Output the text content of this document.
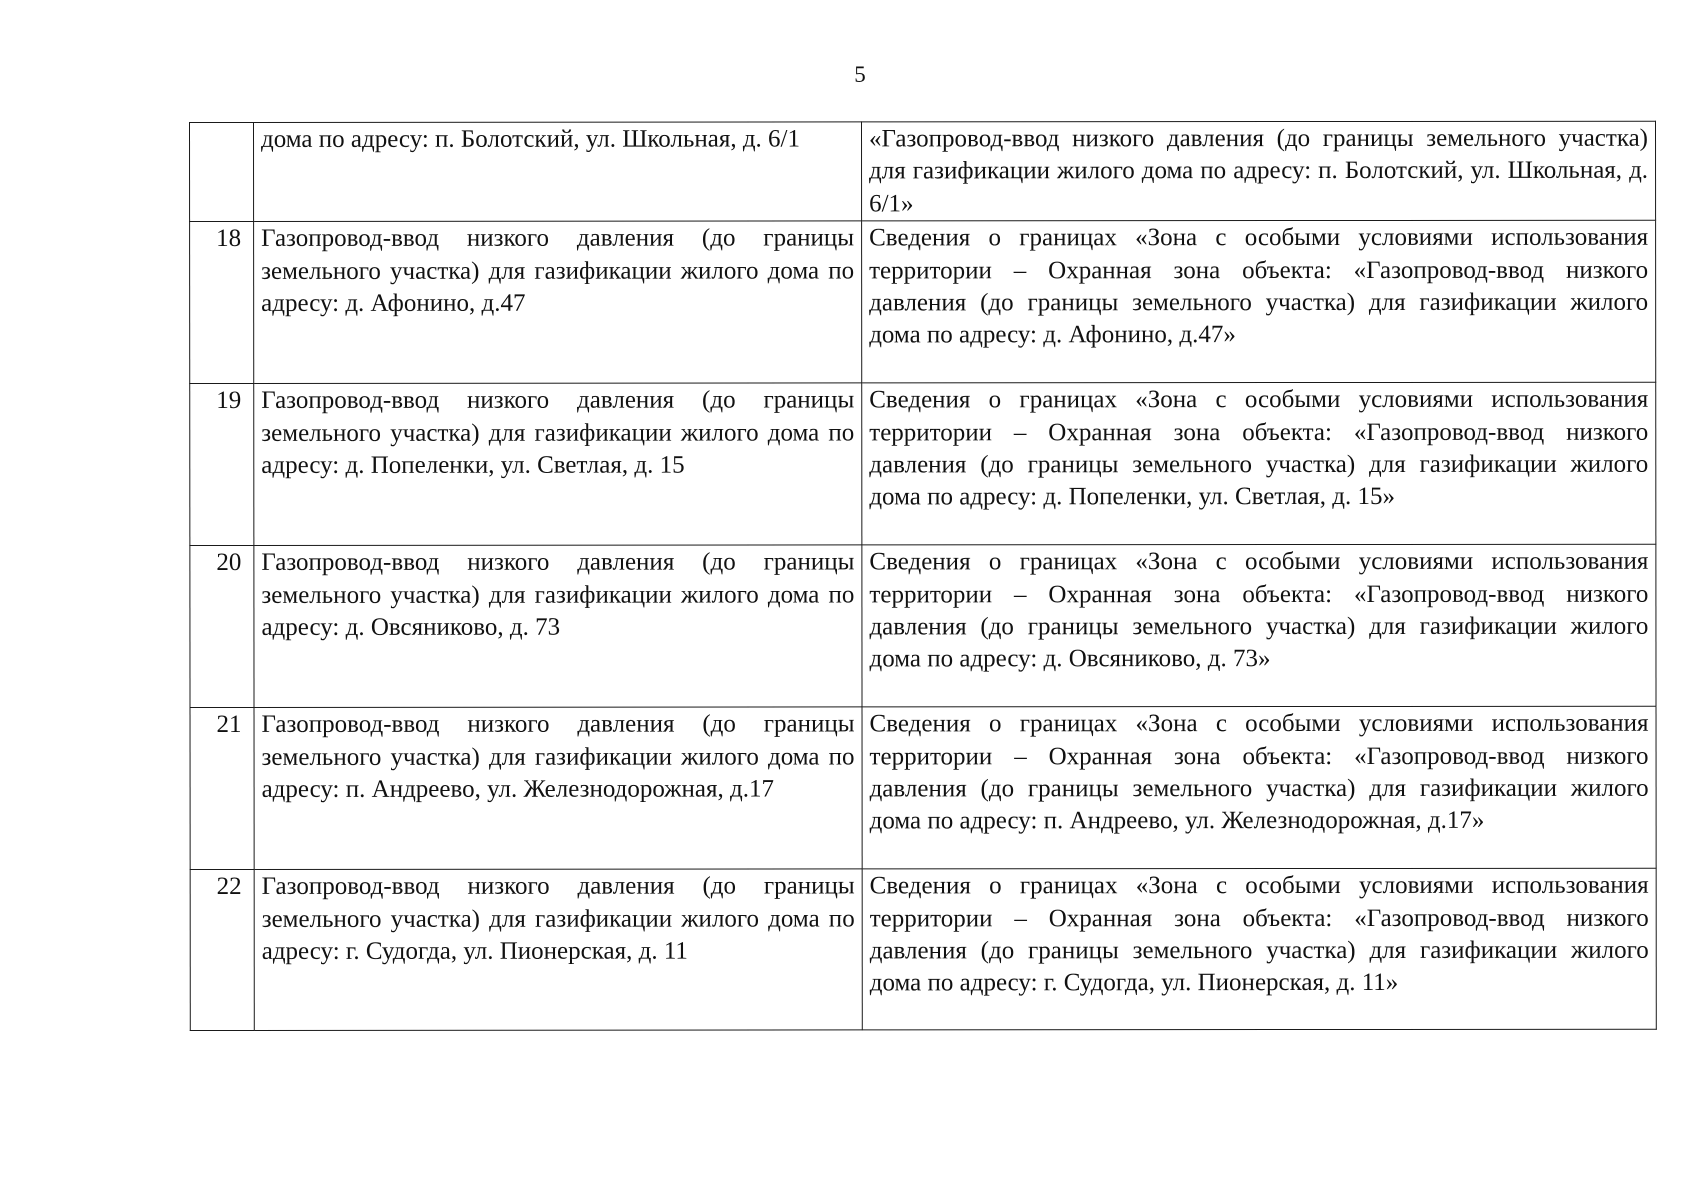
5
	дома по адресу: п. Болотский, ул. Школьная, д. 6/1	«Газопровод-ввод низкого давления (до границы земельного участка) для газификации жилого дома по адресу: п. Болотский, ул. Школьная, д. 6/1»
18	Газопровод-ввод низкого давления (до границы земельного участка) для газификации жилого дома по адресу: д. Афонино, д.47	Сведения о границах «Зона с особыми условиями использования территории – Охранная зона объекта: «Газопровод-ввод низкого давления (до границы земельного участка) для газификации жилого дома по адресу: д. Афонино, д.47»
19	Газопровод-ввод низкого давления (до границы земельного участка) для газификации жилого дома по адресу: д. Попеленки, ул. Светлая, д. 15	Сведения о границах «Зона с особыми условиями использования территории – Охранная зона объекта: «Газопровод-ввод низкого давления (до границы земельного участка) для газификации жилого дома по адресу: д. Попеленки, ул. Светлая, д. 15»
20	Газопровод-ввод низкого давления (до границы земельного участка) для газификации жилого дома по адресу: д. Овсяниково, д. 73	Сведения о границах «Зона с особыми условиями использования территории – Охранная зона объекта: «Газопровод-ввод низкого давления (до границы земельного участка) для газификации жилого дома по адресу: д. Овсяниково, д. 73»
21	Газопровод-ввод низкого давления (до границы земельного участка) для газификации жилого дома по адресу: п. Андреево, ул. Железнодорожная, д.17	Сведения о границах «Зона с особыми условиями использования территории – Охранная зона объекта: «Газопровод-ввод низкого давления (до границы земельного участка) для газификации жилого дома по адресу: п. Андреево, ул. Железнодорожная, д.17»
22	Газопровод-ввод низкого давления (до границы земельного участка) для газификации жилого дома по адресу: г. Судогда, ул. Пионерская, д. 11	Сведения о границах «Зона с особыми условиями использования территории – Охранная зона объекта: «Газопровод-ввод низкого давления (до границы земельного участка) для газификации жилого дома по адресу: г. Судогда, ул. Пионерская, д. 11»
